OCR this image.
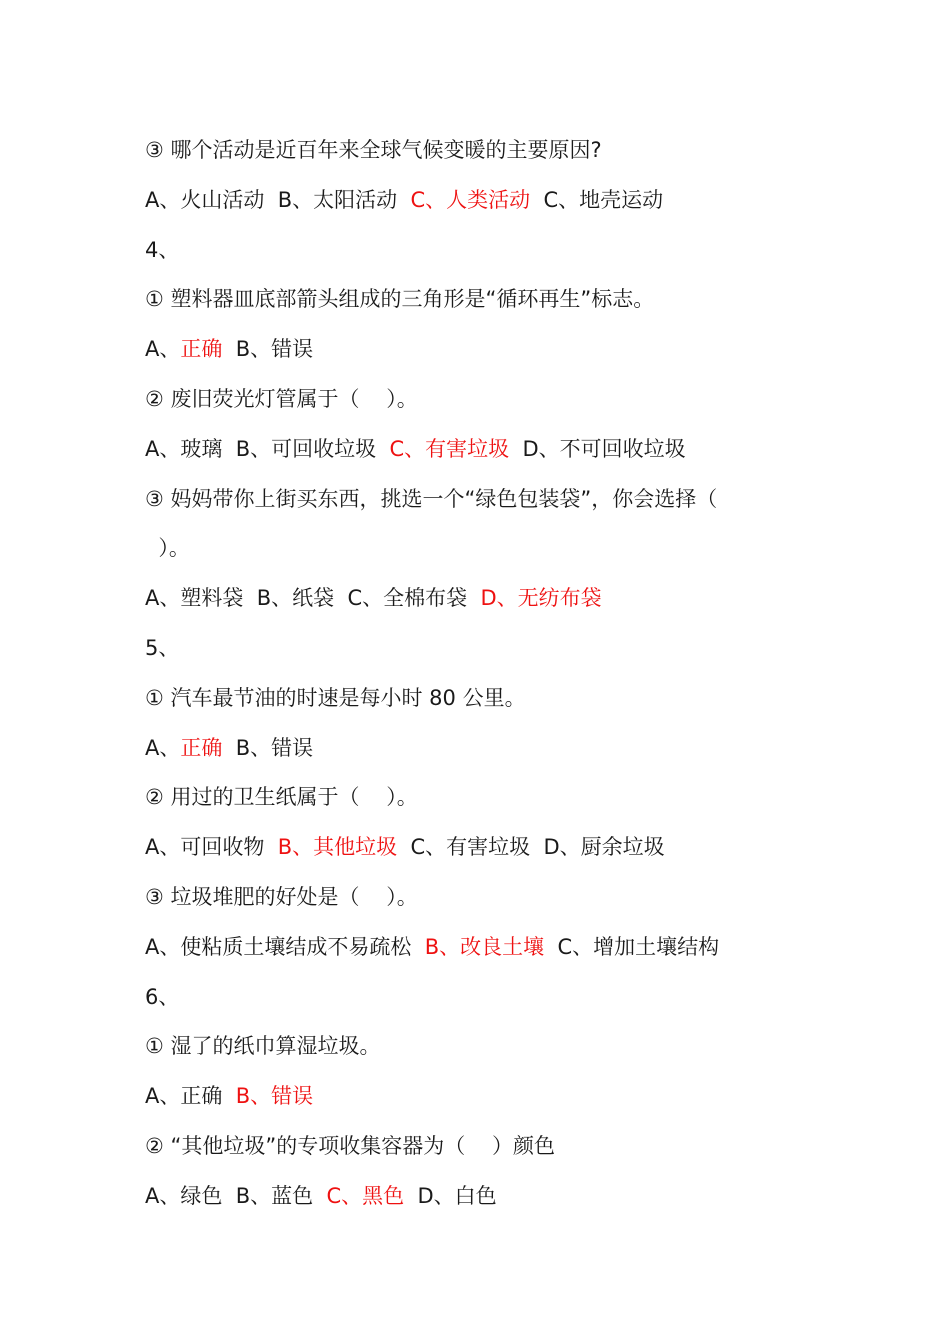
③ 哪个活动是近百年来全球气候变暖的主要原因?
A、火山活动  B、太阳活动  C、人类活动  C、地壳运动
4、
① 塑料器皿底部箭头组成的三角形是“循环再生”标志。
A、正确  B、错误
② 废旧荧光灯管属于（    ）。
A、玻璃  B、可回收垃圾  C、有害垃圾  D、不可回收垃圾
③ 妈妈带你上街买东西，挑选一个“绿色包装袋”，你会选择（
）。
A、塑料袋  B、纸袋  C、全棉布袋  D、无纺布袋
5、
① 汽车最节油的时速是每小时 80 公里。
A、正确  B、错误
② 用过的卫生纸属于（    ）。
A、可回收物  B、其他垃圾  C、有害垃圾  D、厨余垃圾
③ 垃圾堆肥的好处是（    ）。
A、使粘质土壤结成不易疏松  B、改良土壤  C、增加土壤结构
6、
① 湿了的纸巾算湿垃圾。
A、正确  B、错误
② “其他垃圾”的专项收集容器为（    ）颜色
A、绿色  B、蓝色  C、黑色  D、白色
